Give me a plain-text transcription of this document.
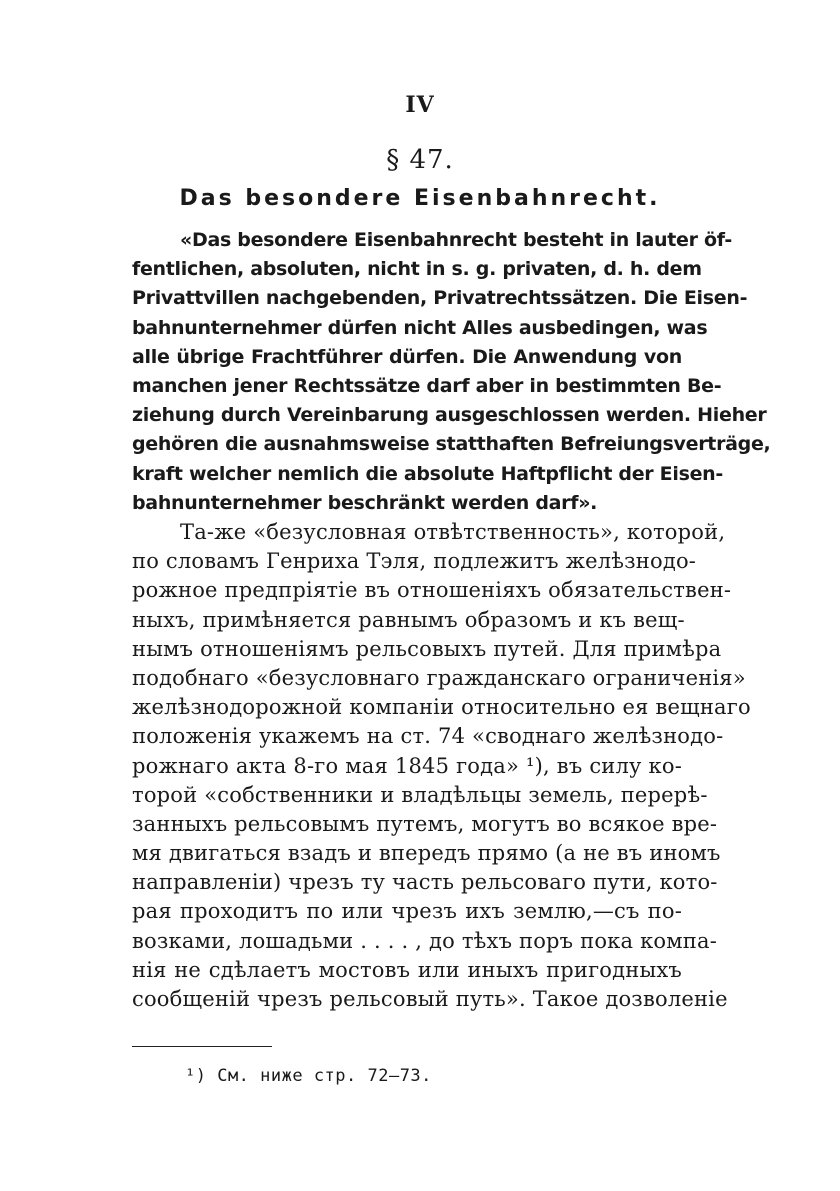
IV
§ 47.
Das besondere Eisenbahnrecht.
«Das besondere Eisenbahnrecht besteht in lauter öf-
fentlichen, absoluten, nicht in s. g. privaten, d. h. dem
Privattvillen nachgebenden, Privatrechtssätzen. Die Eisen-
bahnunternehmer dürfen nicht Alles ausbedingen, was
alle übrige Frachtführer dürfen. Die Anwendung von
manchen jener Rechtssätze darf aber in bestimmten Be-
ziehung durch Vereinbarung ausgeschlossen werden. Hieher
gehören die ausnahmsweise statthaften Befreiungsverträge,
kraft welcher nemlich die absolute Haftpflicht der Eisen-
bahnunternehmer beschränkt werden darf».
Та-же «безусловная отвѣтственность», которой,
по словамъ Генриха Тэля, подлежитъ желѣзнодо-
рожное предпріятіе въ отношеніяхъ обязательствен-
ныхъ, примѣняется равнымъ образомъ и къ вещ-
нымъ отношеніямъ рельсовыхъ путей. Для примѣра
подобнаго «безусловнаго гражданскаго ограниченія»
желѣзнодорожной компаніи относительно ея вещнаго
положенія укажемъ на ст. 74 «своднаго желѣзнодо-
рожнаго акта 8-го мая 1845 года» ¹), въ силу ко-
торой «собственники и владѣльцы земель, перерѣ-
занныхъ рельсовымъ путемъ, могутъ во всякое вре-
мя двигаться взадъ и впередъ прямо (а не въ иномъ
направленіи) чрезъ ту часть рельсоваго пути, кото-
рая проходитъ по или чрезъ ихъ землю,—съ по-
возками, лошадьми . . . . , до тѣхъ поръ пока компа-
нія не сдѣлаетъ мостовъ или иныхъ пригодныхъ
сообщеній чрезъ рельсовый путь». Такое дозволеніе
¹) См. ниже стр. 72—73.
